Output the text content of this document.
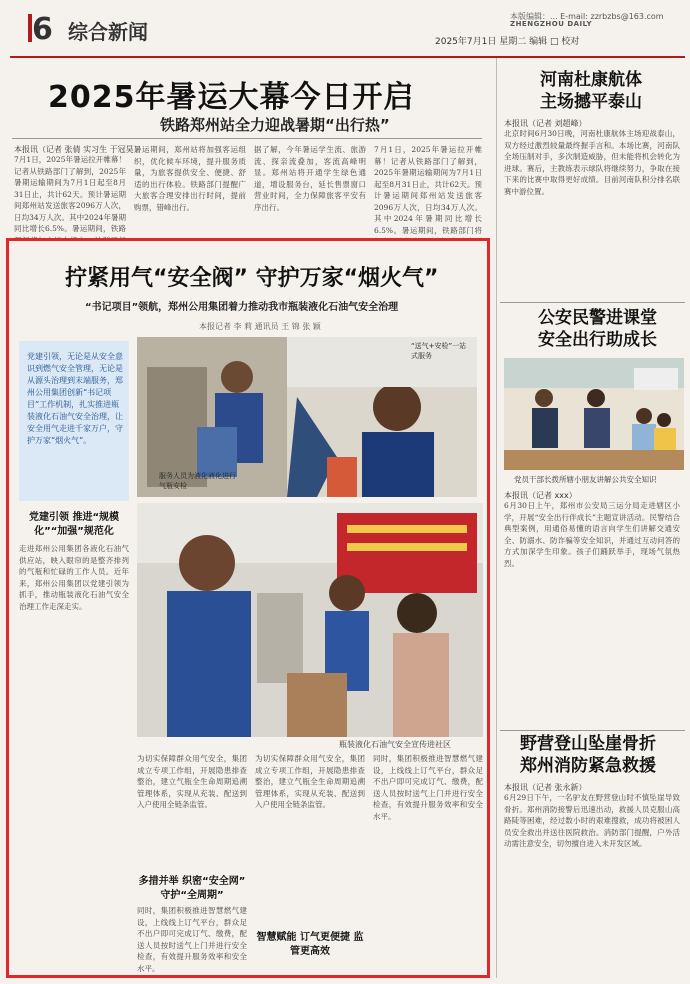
6 综合新闻
本版编辑：... E-mail: zzrbzbs@163.com
ZHENGZHOU DAILY
2025年7月1日 星期二 编辑 □ 校对
2025年暑运大幕今日开启
铁路郑州站全力迎战暑期“出行热”
本报讯（记者 张倩 实习生 于冠昊）
7月1日，2025年暑运拉开帷幕！记者从铁路部门了解到，2025年暑期运输期间为7月1日起至8月31日止，共计62天。预计暑运期间郑州站发送旅客2096万人次，日均34万人次。其中2024年暑期同比增长6.5%。暑运期间，铁路
暑运期间，郑州站将加强客运组织，优化候车环境，提升服务质量，为旅客提供安全、便捷、舒适的出行体验。铁路部门提醒广大旅客合理安排出行时间，提前购票，错峰出行。
据了解，今年暑运学生流、旅游流、探亲流叠加，客流高峰明显。郑州站将开通学生绿色通道，增设服务台，延长售票窗口营业时间，全力保障旅客平安有序出行。
7月1日，2025年暑运拉开帷幕！记者从铁路部门了解到，2025年暑期运输期间为7月1日起至8月31日止，共计62天。预计暑运期间郑州站发送旅客2096万人次，日均34万人次。其中2024年暑期同比增长6.5%。暑运期间，铁路部门将
河南杜康航体
主场撼平泰山
本报讯（记者 刘超峰）
北京时间6月30日晚，河南杜康航体主场迎战泰山，双方经过激烈较量最终握手言和。本场比赛，河南队全场压制对手，多次制造威胁，但未能将机会转化为进球。赛后，主教练表示球队将继续努力，争取在接下来的比赛中取得更好成绩。目前河南队积分排名联赛中游位置。
公安民警进课堂
安全出行助成长
党员干部长拨所辖小朋友讲解公共安全知识
本报讯（记者 xxx）
6月30日上午，郑州市公安局三运分局走进辖区小学，开展“安全出行伴成长”主题宣讲活动。民警结合典型案例，用通俗易懂的语言向学生们讲解交通安全、防溺水、防诈骗等安全知识，并通过互动问答的方式加深学生印象。孩子们踊跃举手，现场气氛热烈。
野营登山坠崖骨折
郑州消防紧急救援
本报讯（记者 张永新）
6月29日下午，一名驴友在野营登山时不慎坠崖导致骨折。郑州消防接警后迅速出动，救援人员克服山高路陡等困难，经过数小时的艰难搜救，成功将被困人员安全救出并送往医院救治。消防部门提醒，户外活动需注意安全，切勿擅自进入未开发区域。
拧紧用气“安全阀” 守护万家“烟火气”
“书记项目”领航，郑州公用集团着力推动我市瓶装液化石油气安全治理
本报记者 李 莉 通讯员 王 锦 张 颖
党建引领，无论是从安全意识到燃气安全管理，无论是从源头治理到末端服务，郑州公用集团创新“书记项目”工作机制，扎实推进瓶装液化石油气安全治理，让安全用气走进千家万户，守护万家“烟火气”。
“送气+安检”一站式服务
服务人员为液化液化进行气瓶安检
党建引领 推进“规模化”“加强”规范化
走进郑州公用集团各液化石油气供应站，映入眼帘的是整齐排列的气瓶和忙碌的工作人员。近年来，郑州公用集团以党建引领为抓手，推动瓶装液化石油气安全治理工作走深走实。
瓶装液化石油气安全宣传进社区
为切实保障群众用气安全，集团成立专项工作组，开展隐患排查整治，建立气瓶全生命周期追溯管理体系，实现从充装、配送到入户使用全链条监管。
多措并举 织密“安全网” 守护“全周期”
同时，集团积极推进智慧燃气建设，上线线上订气平台，群众足不出户即可完成订气、缴费，配送人员按时送气上门并进行安全检查，有效提升服务效率和安全水平。
为切实保障群众用气安全，集团成立专项工作组，开展隐患排查整治，建立气瓶全生命周期追溯管理体系，实现从充装、配送到入户使用全链条监管。
智慧赋能 订气更便捷 监管更高效
同时，集团积极推进智慧燃气建设，上线线上订气平台，群众足不出户即可完成订气、缴费，配送人员按时送气上门并进行安全检查，有效提升服务效率和安全水平。
